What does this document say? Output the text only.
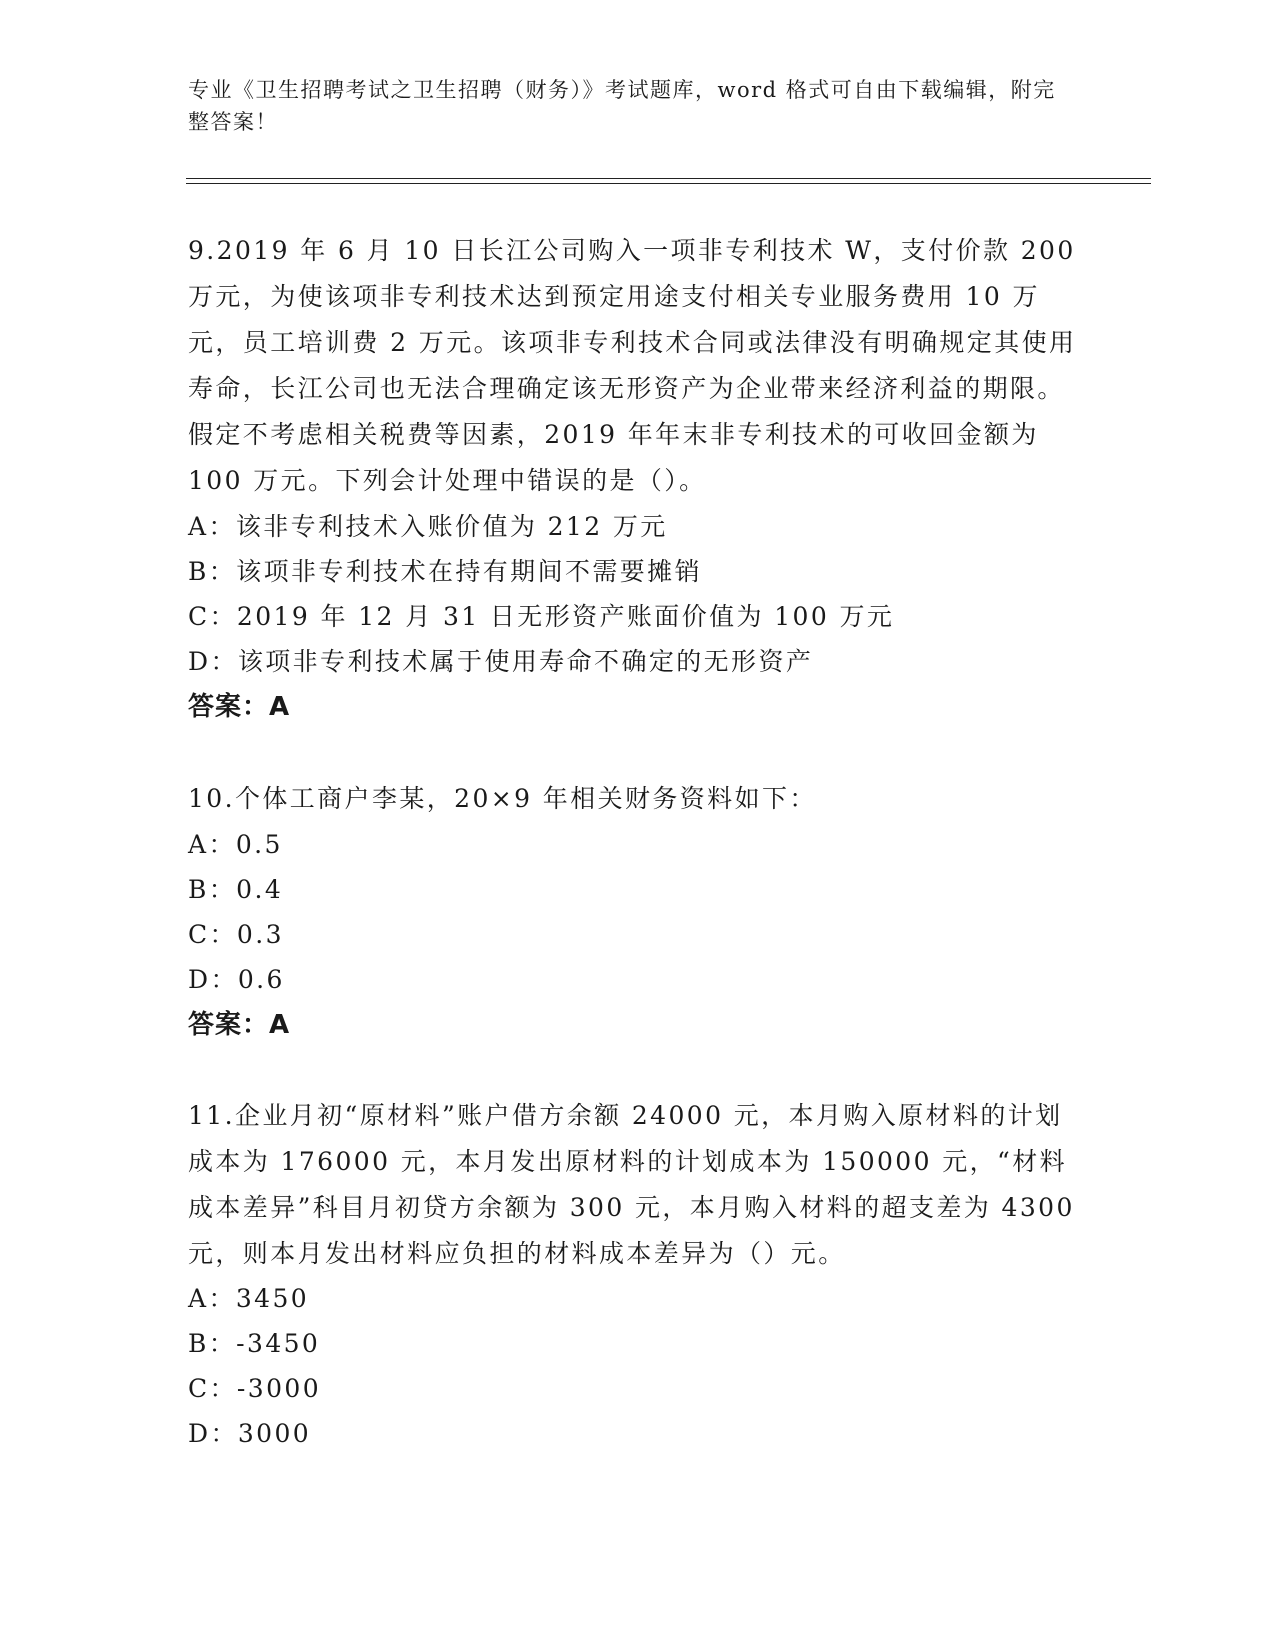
专业《卫生招聘考试之卫生招聘（财务）》考试题库，word 格式可自由下载编辑，附完整答案！
9.2019 年 6 月 10 日长江公司购入一项非专利技术 W，支付价款 200 万元，为使该项非专利技术达到预定用途支付相关专业服务费用 10 万元，员工培训费 2 万元。该项非专利技术合同或法律没有明确规定其使用寿命，长江公司也无法合理确定该无形资产为企业带来经济利益的期限。假定不考虑相关税费等因素，2019 年年末非专利技术的可收回金额为 100 万元。下列会计处理中错误的是（）。
A：该非专利技术入账价值为 212 万元
B：该项非专利技术在持有期间不需要摊销
C：2019 年 12 月 31 日无形资产账面价值为 100 万元
D：该项非专利技术属于使用寿命不确定的无形资产
答案：A
10.个体工商户李某，20×9 年相关财务资料如下：
A：0.5
B：0.4
C：0.3
D：0.6
答案：A
11.企业月初“原材料”账户借方余额 24000 元，本月购入原材料的计划成本为 176000 元，本月发出原材料的计划成本为 150000 元，“材料成本差异”科目月初贷方余额为 300 元，本月购入材料的超支差为 4300 元，则本月发出材料应负担的材料成本差异为（）元。
A：3450
B：-3450
C：-3000
D：3000
